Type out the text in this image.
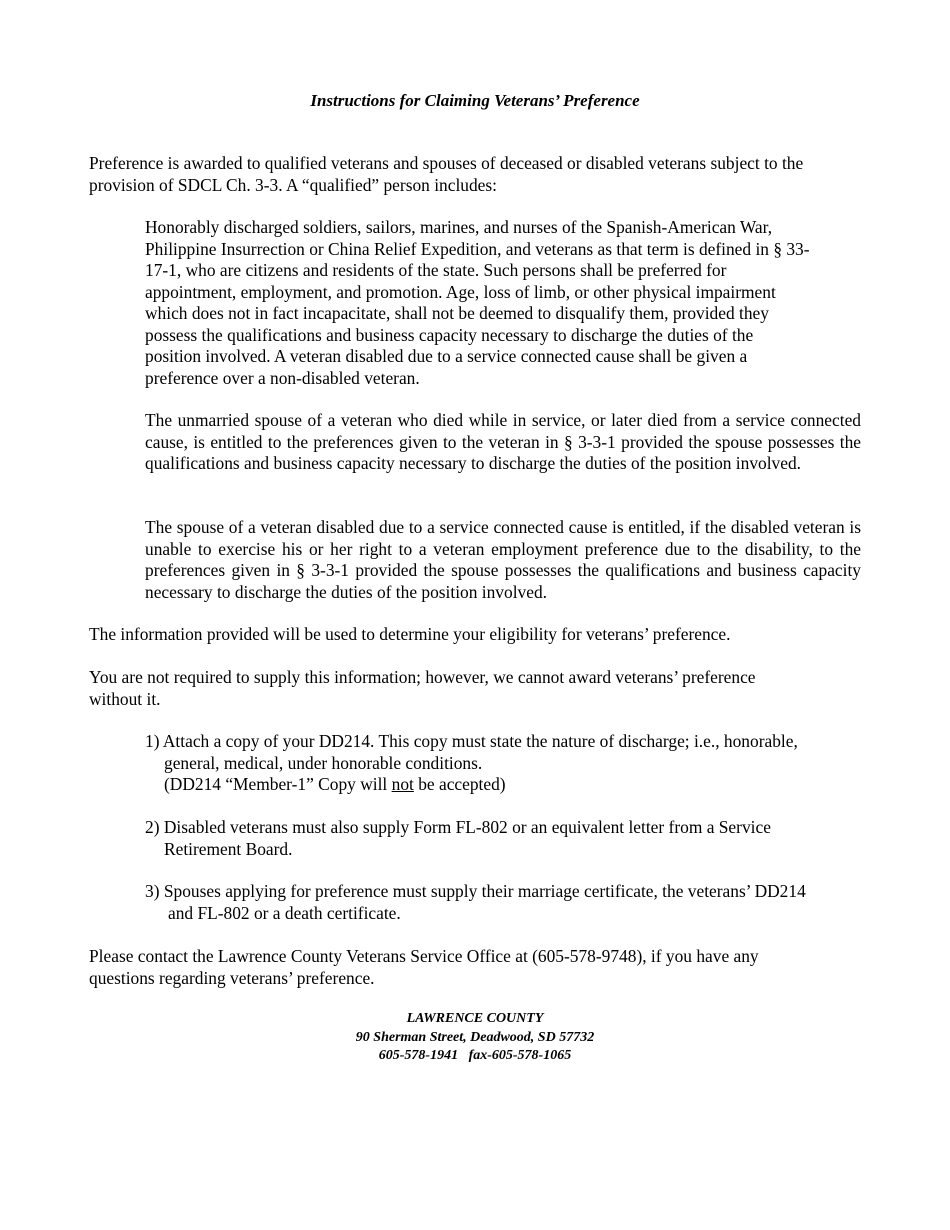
Instructions for Claiming Veterans’ Preference

Preference is awarded to qualified veterans and spouses of deceased or disabled veterans subject to the
provision of SDCL Ch. 3-3. A “qualified” person includes:

Honorably discharged soldiers, sailors, marines, and nurses of the Spanish-American War,
Philippine Insurrection or China Relief Expedition, and veterans as that term is defined in § 33-
17-1, who are citizens and residents of the state. Such persons shall be preferred for
appointment, employment, and promotion. Age, loss of limb, or other physical impairment
which does not in fact incapacitate, shall not be deemed to disqualify them, provided they
possess the qualifications and business capacity necessary to discharge the duties of the
position involved. A veteran disabled due to a service connected cause shall be given a
preference over a non-disabled veteran.

The unmarried spouse of a veteran who died while in service, or later died from a service connected cause, is entitled to the preferences given to the veteran in § 3-3-1 provided the spouse possesses the qualifications and business capacity necessary to discharge the duties of the position involved.

The spouse of a veteran disabled due to a service connected cause is entitled, if the disabled veteran is unable to exercise his or her right to a veteran employment preference due to the disability, to the preferences given in § 3-3-1 provided the spouse possesses the qualifications and business capacity necessary to discharge the duties of the position involved.

The information provided will be used to determine your eligibility for veterans’ preference.

You are not required to supply this information; however, we cannot award veterans’ preference
without it.

1) Attach a copy of your DD214. This copy must state the nature of discharge; i.e., honorable,
general, medical, under honorable conditions.
(DD214 “Member-1” Copy will not be accepted)

2) Disabled veterans must also supply Form FL-802 or an equivalent letter from a Service
Retirement Board.

3) Spouses applying for preference must supply their marriage certificate, the veterans’ DD214
and FL-802 or a death certificate.

Please contact the Lawrence County Veterans Service Office at (605-578-9748), if you have any
questions regarding veterans’ preference.

LAWRENCE COUNTY
90 Sherman Street, Deadwood, SD 57732
605-578-1941   fax-605-578-1065
